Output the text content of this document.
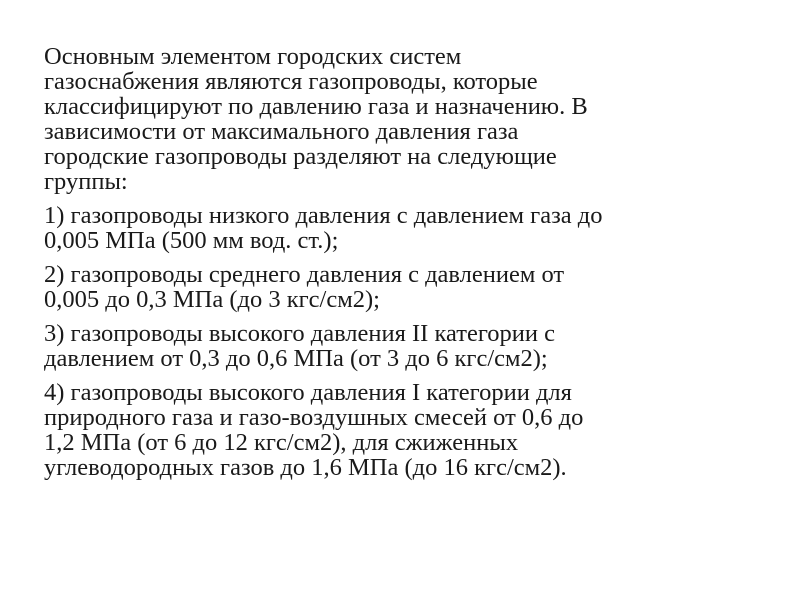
Основным элементом городских систем
газоснабжения являются газопроводы, которые
классифицируют по давлению газа и назначению. В
зависимости от максимального давления газа
городские газопроводы разделяют на следующие
группы:

1) газопроводы низкого давления с давлением газа до
0,005 МПа (500 мм вод. ст.);

2) газопроводы среднего давления с давлением от
0,005 до 0,3 МПа (до 3 кгс/см2);

3) газопроводы высокого давления II категории с
давлением от 0,3 до 0,6 МПа (от 3 до 6 кгс/см2);

4) газопроводы высокого давления I категории для
природного газа и газо-воздушных смесей от 0,6 до
1,2 МПа (от 6 до 12 кгс/см2), для сжиженных
углеводородных газов до 1,6 МПа (до 16 кгс/см2).
